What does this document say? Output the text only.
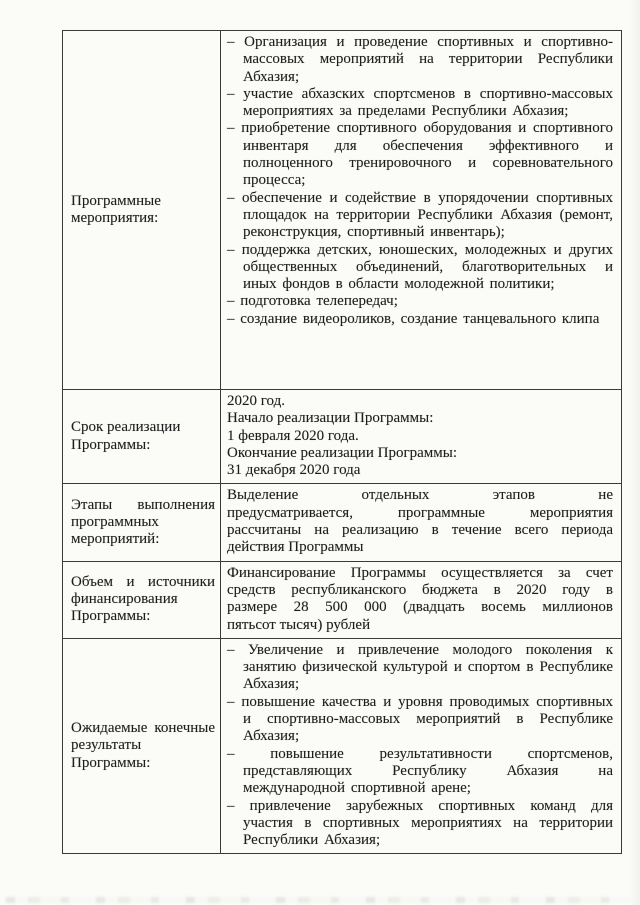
Программные
мероприятия:

– Организация и проведение спортивных и спортивно-массовых мероприятий на территории Республики Абхазия;

– участие абхазских спортсменов в спортивно-массовых мероприятиях за пределами Республики Абхазия;

– приобретение спортивного оборудования и спортивного инвентаря для обеспечения эффективного и полноценного тренировочного и соревновательного процесса;

– обеспечение и содействие в упорядочении спортивных площадок на территории Республики Абхазия (ремонт, реконструкция, спортивный инвентарь);

– поддержка детских, юношеских, молодежных и других общественных объединений, благотворительных и иных фондов в области молодежной политики;

– подготовка телепередач;

– создание видеороликов, создание танцевального клипа

Срок реализации
Программы:
2020 год.
Начало реализации Программы:
1 февраля 2020 года.
Окончание реализации Программы:
31 декабря 2020 года
Этапы выполнения
программных
мероприятий:
Выделение отдельных этапов не
предусматривается, программные мероприятия
рассчитаны на реализацию в течение всего периода
действия Программы
Объем и источники
финансирования
Программы:
Финансирование Программы осуществляется за счет
средств республиканского бюджета в 2020 году в
размере 28 500 000 (двадцать восемь миллионов
пятьсот тысяч) рублей
Ожидаемые конечные
результаты
Программы:

– Увеличение и привлечение молодого поколения к занятию физической культурой и спортом в Республике Абхазия;

– повышение качества и уровня проводимых спортивных и спортивно-массовых мероприятий в Республике Абхазия;

– повышение результативности спортсменов, представляющих Республику Абхазия на международной спортивной арене;

– привлечение зарубежных спортивных команд для участия в спортивных мероприятиях на территории Республики Абхазия;
